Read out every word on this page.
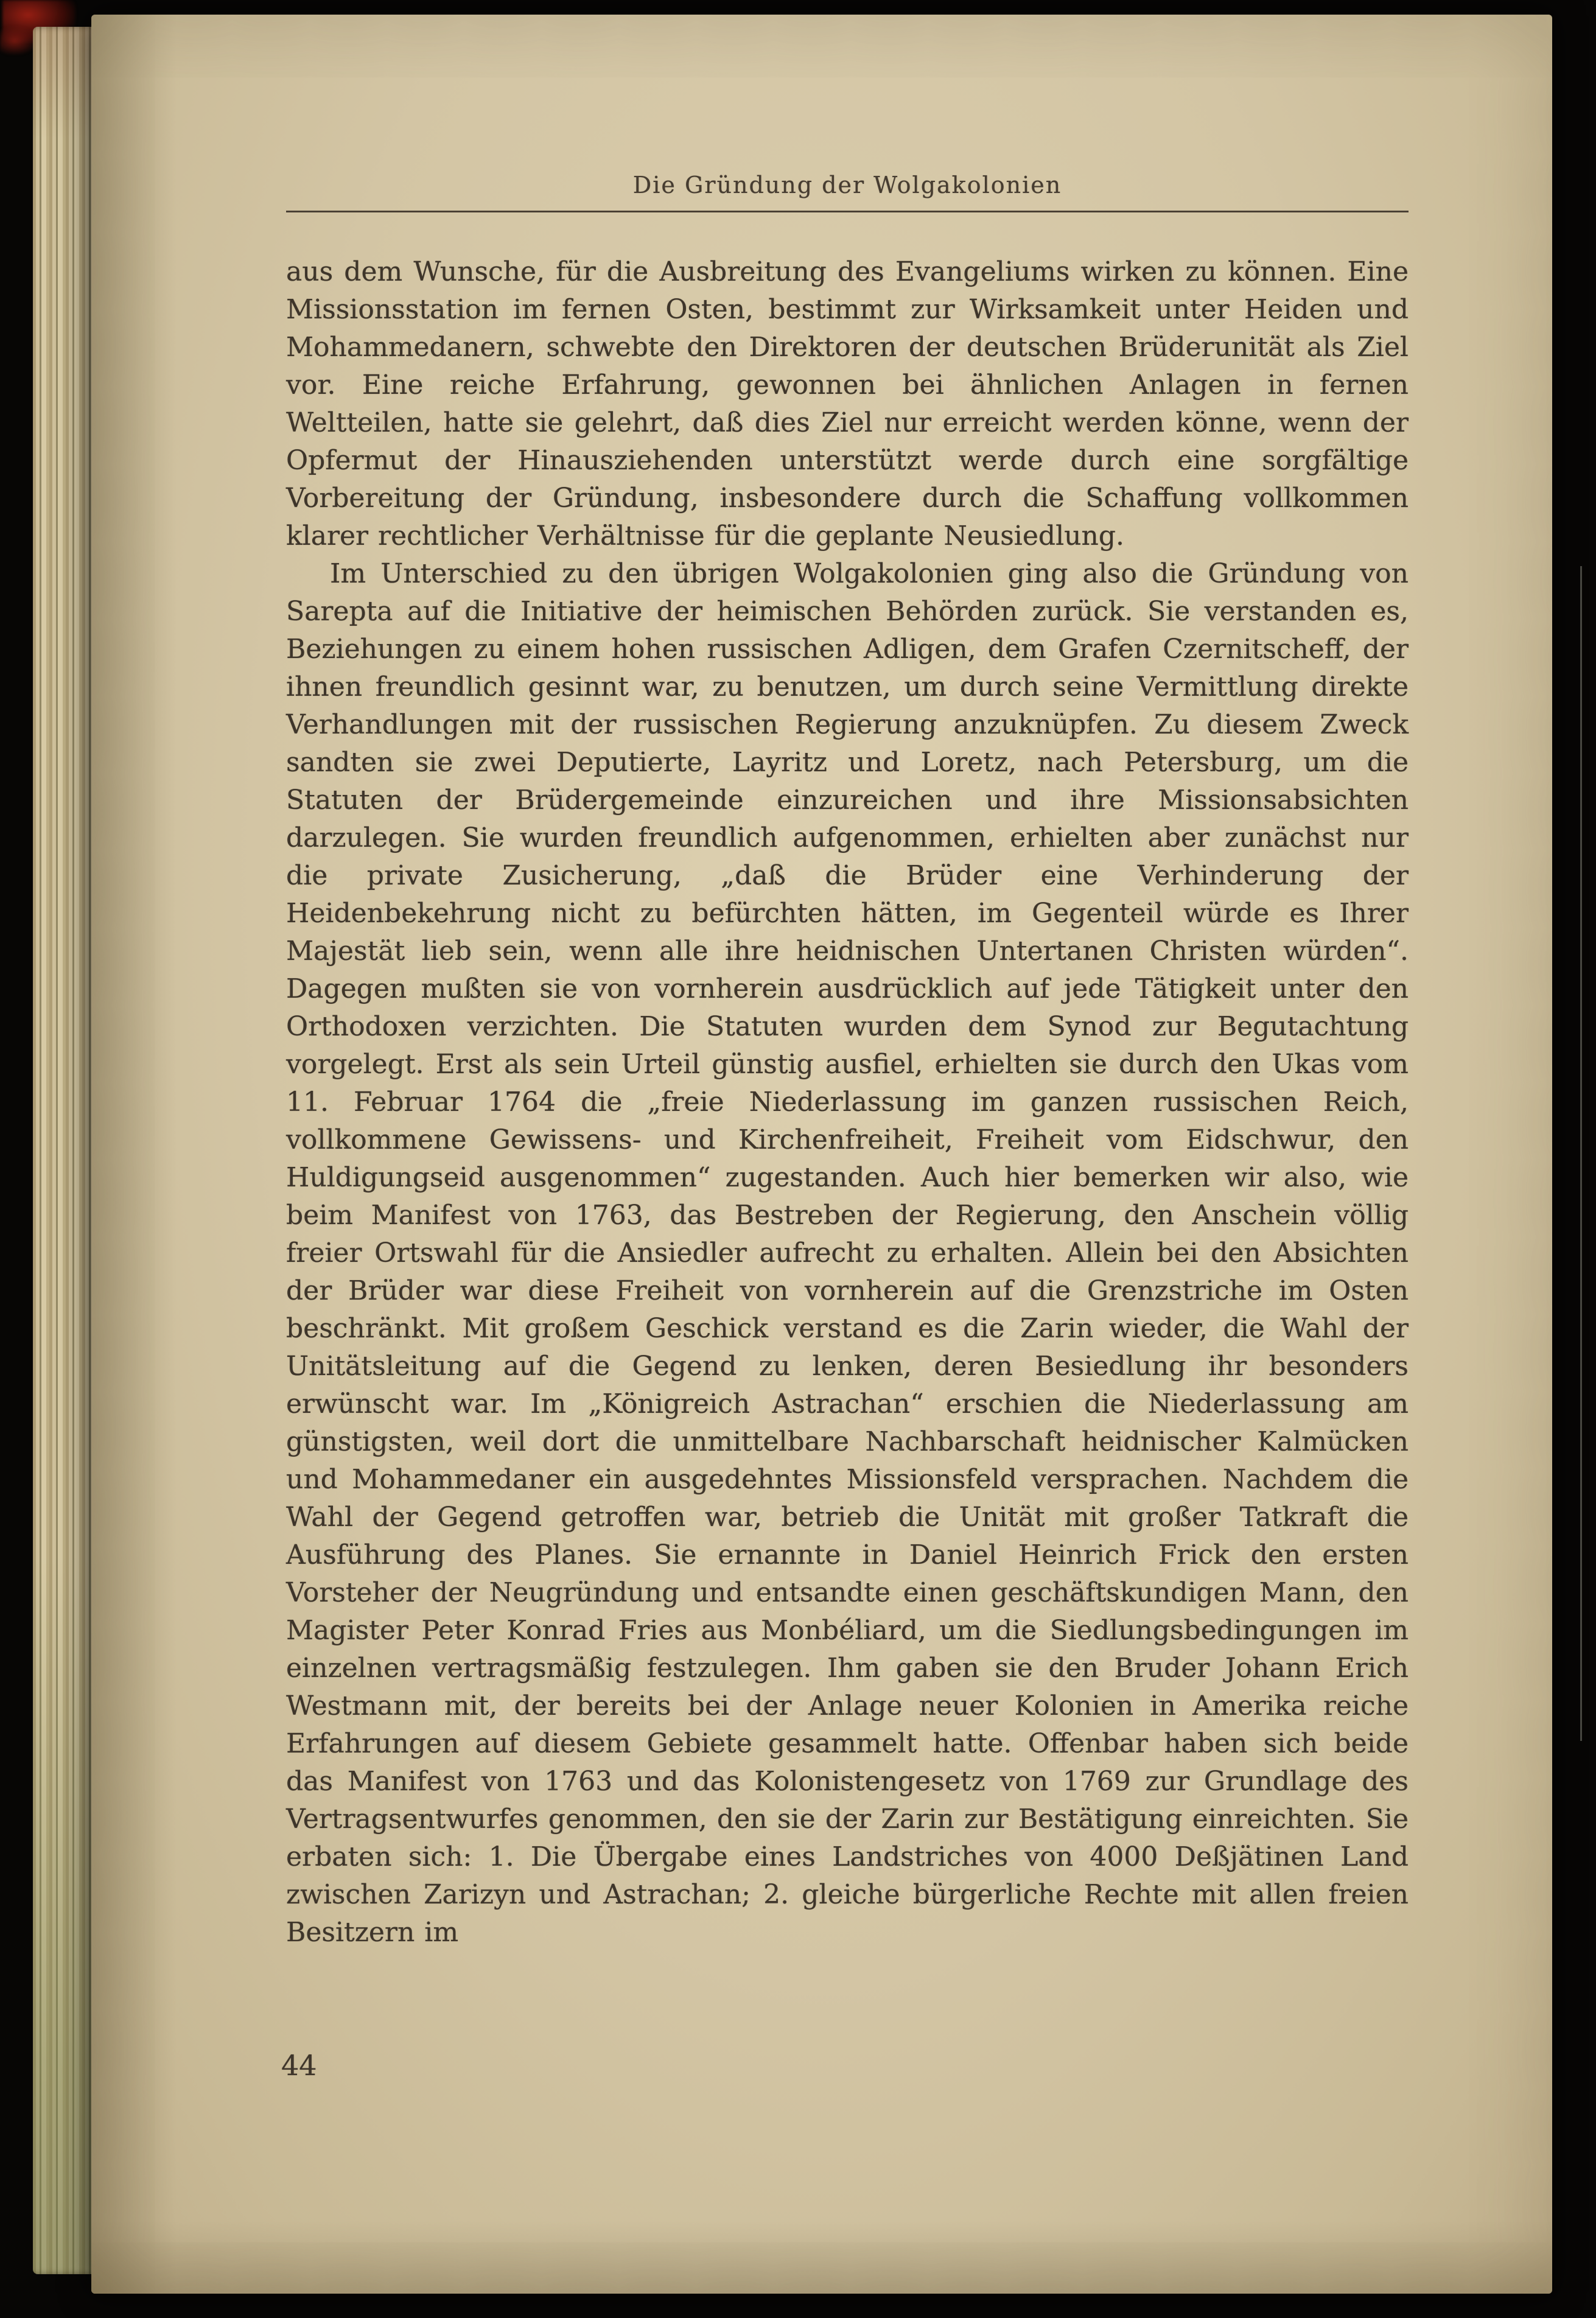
Die Gründung der Wolgakolonien

aus dem Wunsche, für die Ausbreitung des Evangeliums wirken zu können. Eine Missionsstation im fernen Osten, bestimmt zur Wirksamkeit unter Heiden und Mohammedanern, schwebte den Direktoren der deutschen Brüderunität als Ziel vor. Eine reiche Erfahrung, gewonnen bei ähnlichen Anlagen in fernen Weltteilen, hatte sie gelehrt, daß dies Ziel nur erreicht werden könne, wenn der Opfermut der Hinausziehenden unterstützt werde durch eine sorgfältige Vorbereitung der Gründung, insbesondere durch die Schaffung vollkommen klarer rechtlicher Verhältnisse für die geplante Neusiedlung.

Im Unterschied zu den übrigen Wolgakolonien ging also die Gründung von Sarepta auf die Initiative der heimischen Behörden zurück. Sie verstanden es, Beziehungen zu einem hohen russischen Adligen, dem Grafen Czernitscheff, der ihnen freundlich gesinnt war, zu benutzen, um durch seine Vermittlung direkte Verhandlungen mit der russischen Regierung anzuknüpfen. Zu diesem Zweck sandten sie zwei Deputierte, Layritz und Loretz, nach Petersburg, um die Statuten der Brüdergemeinde einzureichen und ihre Missionsabsichten darzulegen. Sie wurden freundlich aufgenommen, erhielten aber zunächst nur die private Zusicherung, „daß die Brüder eine Verhinderung der Heidenbekehrung nicht zu befürchten hätten, im Gegenteil würde es Ihrer Majestät lieb sein, wenn alle ihre heidnischen Untertanen Christen würden“. Dagegen mußten sie von vornherein ausdrücklich auf jede Tätigkeit unter den Orthodoxen verzichten. Die Statuten wurden dem Synod zur Begutachtung vorgelegt. Erst als sein Urteil günstig ausfiel, erhielten sie durch den Ukas vom 11. Februar 1764 die „freie Niederlassung im ganzen russischen Reich, vollkommene Gewissens- und Kirchenfreiheit, Freiheit vom Eidschwur, den Huldigungseid ausgenommen“ zugestanden. Auch hier bemerken wir also, wie beim Manifest von 1763, das Bestreben der Regierung, den Anschein völlig freier Ortswahl für die Ansiedler aufrecht zu erhalten. Allein bei den Absichten der Brüder war diese Freiheit von vornherein auf die Grenzstriche im Osten beschränkt. Mit großem Geschick verstand es die Zarin wieder, die Wahl der Unitätsleitung auf die Gegend zu lenken, deren Besiedlung ihr besonders erwünscht war. Im „Königreich Astrachan“ erschien die Niederlassung am günstigsten, weil dort die unmittelbare Nachbarschaft heidnischer Kalmücken und Mohammedaner ein ausgedehntes Missionsfeld versprachen. Nachdem die Wahl der Gegend getroffen war, betrieb die Unität mit großer Tatkraft die Ausführung des Planes. Sie ernannte in Daniel Heinrich Frick den ersten Vorsteher der Neugründung und entsandte einen geschäftskundigen Mann, den Magister Peter Konrad Fries aus Monbéliard, um die Siedlungsbedingungen im einzelnen vertragsmäßig festzulegen. Ihm gaben sie den Bruder Johann Erich Westmann mit, der bereits bei der Anlage neuer Kolonien in Amerika reiche Erfahrungen auf diesem Gebiete gesammelt hatte. Offenbar haben sich beide das Manifest von 1763 und das Kolonistengesetz von 1769 zur Grundlage des Vertragsentwurfes genommen, den sie der Zarin zur Bestätigung einreichten. Sie erbaten sich: 1. Die Übergabe eines Landstriches von 4000 Deßjätinen Land zwischen Zarizyn und Astrachan; 2. gleiche bürgerliche Rechte mit allen freien Besitzern im

44
